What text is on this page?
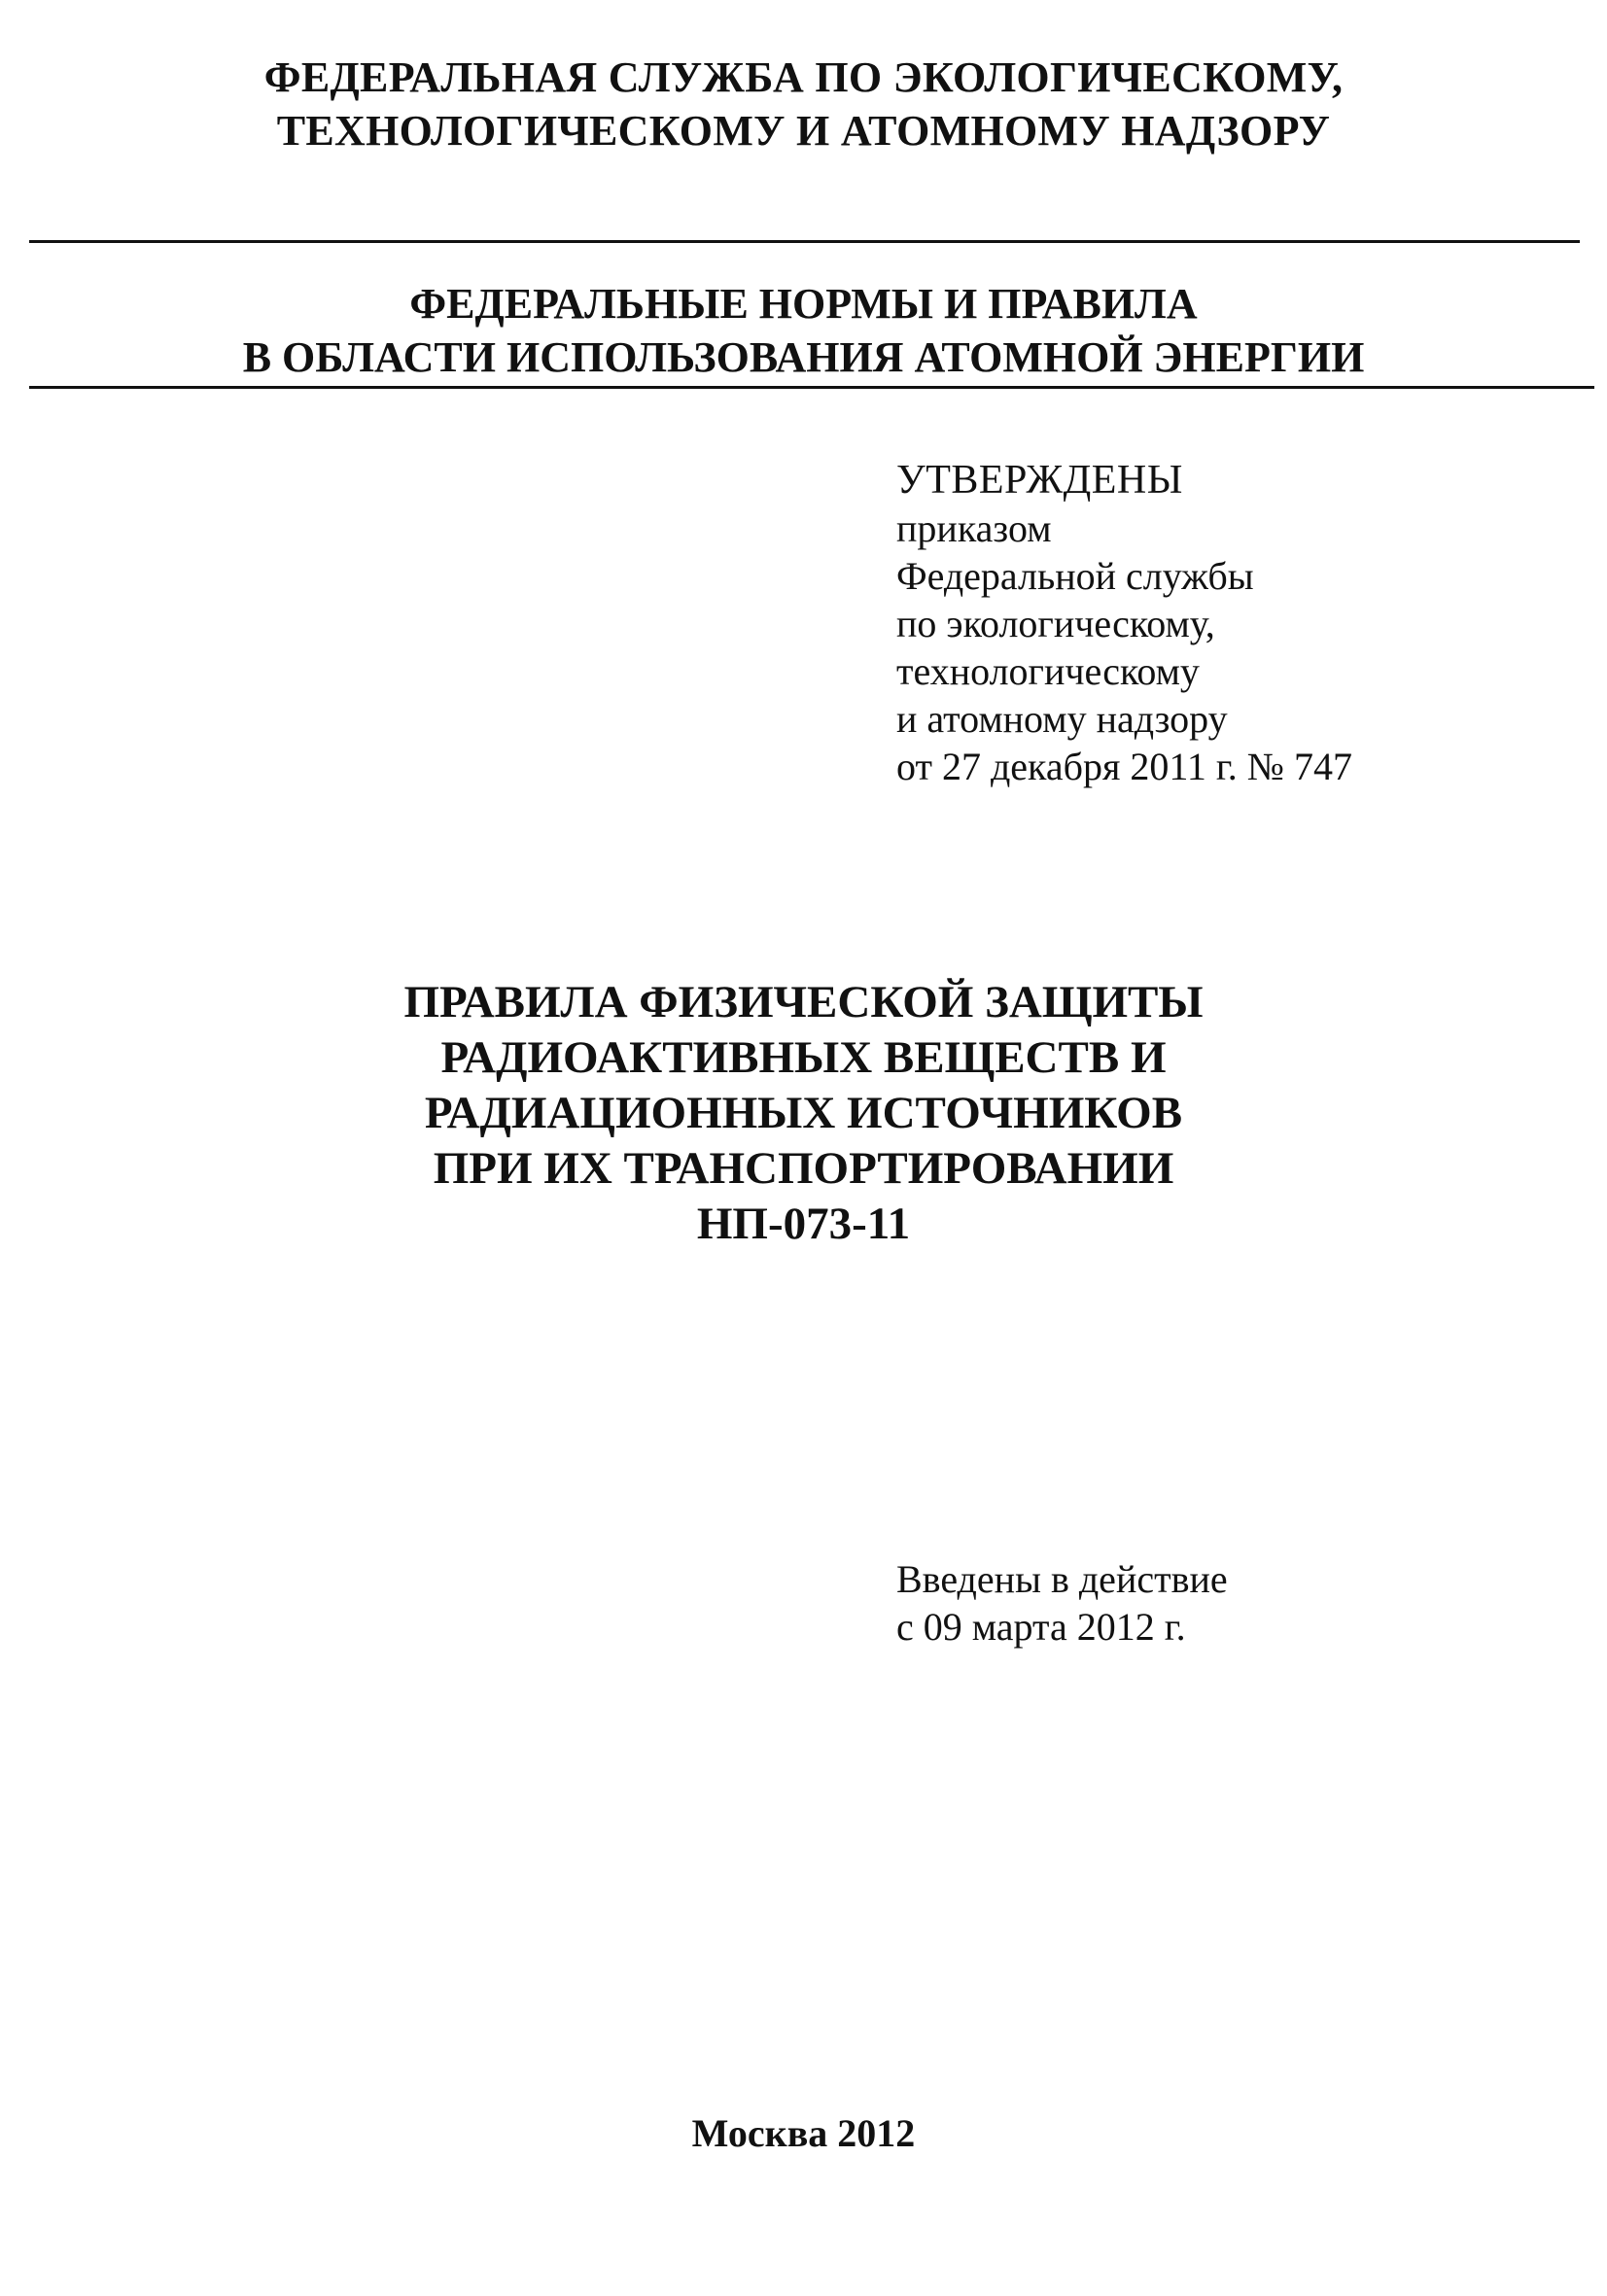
ФЕДЕРАЛЬНАЯ СЛУЖБА ПО ЭКОЛОГИЧЕСКОМУ,
ТЕХНОЛОГИЧЕСКОМУ И АТОМНОМУ НАДЗОРУ
ФЕДЕРАЛЬНЫЕ НОРМЫ И ПРАВИЛА
В ОБЛАСТИ ИСПОЛЬЗОВАНИЯ АТОМНОЙ ЭНЕРГИИ
УТВЕРЖДЕНЫ
приказом
Федеральной службы
по экологическому,
технологическому
и атомному надзору
от 27 декабря 2011 г. № 747
ПРАВИЛА ФИЗИЧЕСКОЙ ЗАЩИТЫ
РАДИОАКТИВНЫХ ВЕЩЕСТВ И
РАДИАЦИОННЫХ ИСТОЧНИКОВ
ПРИ ИХ ТРАНСПОРТИРОВАНИИ
НП-073-11
Введены в действие
с 09 марта 2012 г.
Москва 2012
